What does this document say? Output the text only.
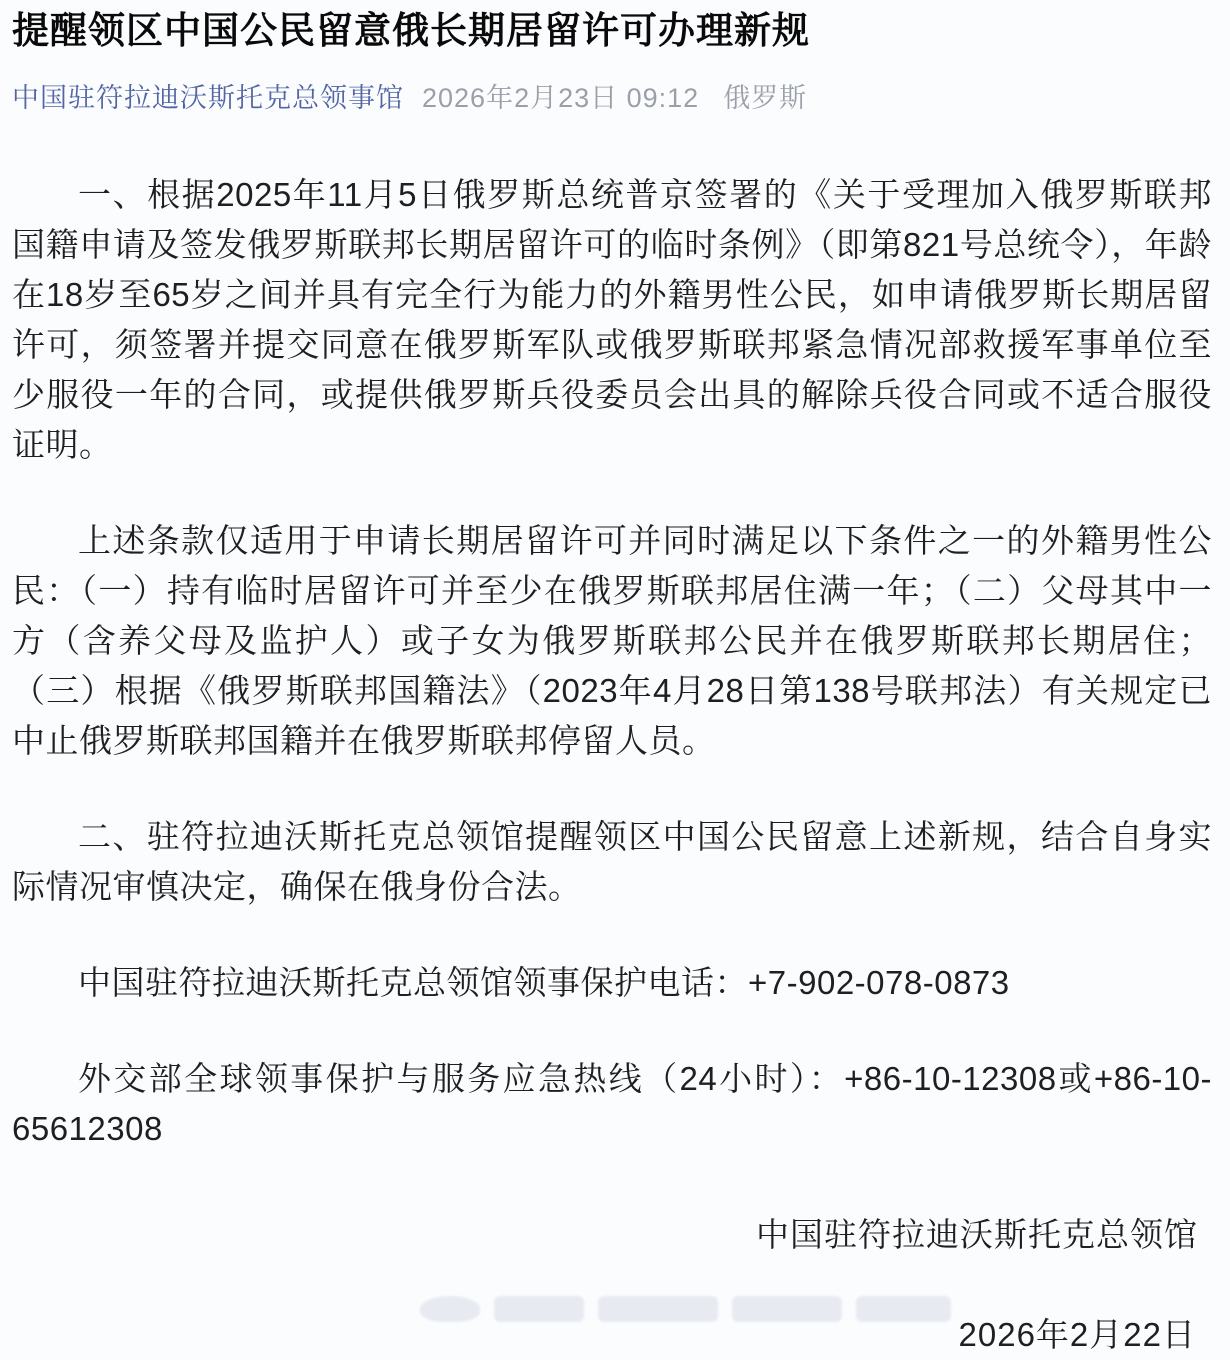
提醒领区中国公民留意俄长期居留许可办理新规
中国驻符拉迪沃斯托克总领事馆 2026年2月23日 09:12 俄罗斯

一、根据2025年11月5日俄罗斯总统普京签署的《关于受理加入俄罗斯联邦国籍申请及签发俄罗斯联邦长期居留许可的临时条例》（即第821号总统令），年龄在18岁至65岁之间并具有完全行为能力的外籍男性公民，如申请俄罗斯长期居留许可，须签署并提交同意在俄罗斯军队或俄罗斯联邦紧急情况部救援军事单位至少服役一年的合同，或提供俄罗斯兵役委员会出具的解除兵役合同或不适合服役证明。

上述条款仅适用于申请长期居留许可并同时满足以下条件之一的外籍男性公民：（一）持有临时居留许可并至少在俄罗斯联邦居住满一年；（二）父母其中一方（含养父母及监护人）或子女为俄罗斯联邦公民并在俄罗斯联邦长期居住；（三）根据《俄罗斯联邦国籍法》（2023年4月28日第138号联邦法）有关规定已中止俄罗斯联邦国籍并在俄罗斯联邦停留人员。

二、驻符拉迪沃斯托克总领馆提醒领区中国公民留意上述新规，结合自身实际情况审慎决定，确保在俄身份合法。

中国驻符拉迪沃斯托克总领馆领事保护电话：+7-902-078-0873

外交部全球领事保护与服务应急热线（24小时）：+86-10-12308或+86-10-65612308

中国驻符拉迪沃斯托克总领馆
2026年2月22日
